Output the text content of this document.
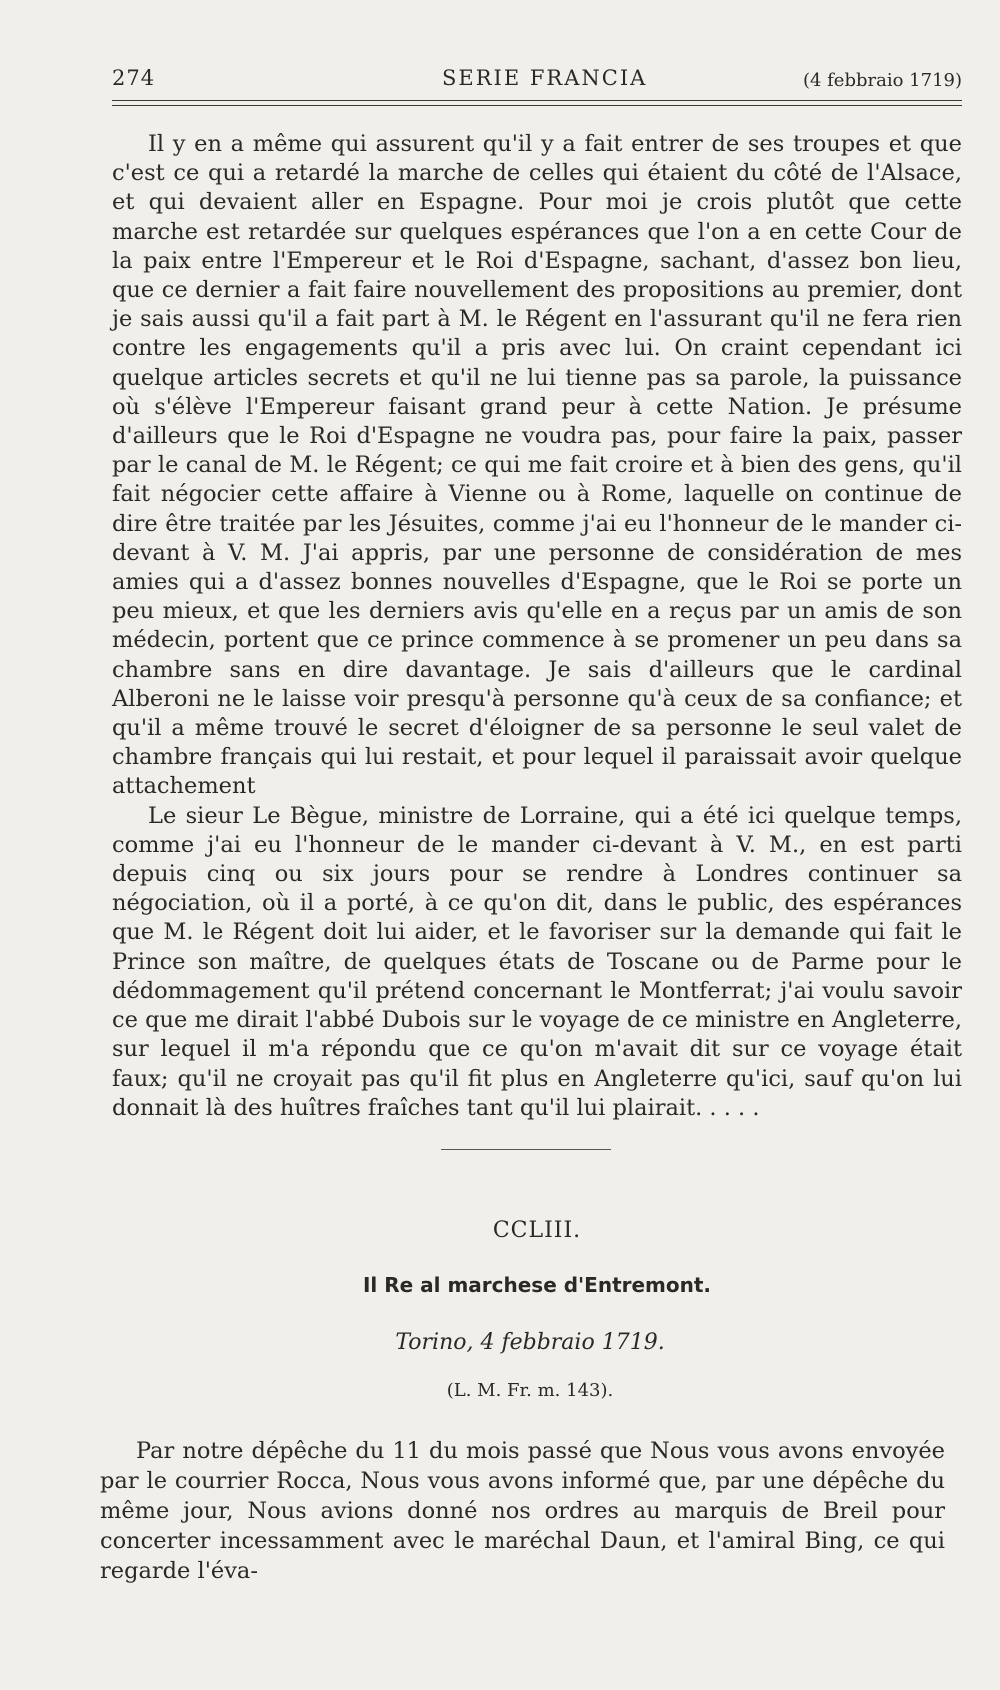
274	SERIE FRANCIA	(4 febbraio 1719)

Il y en a même qui assurent qu'il y a fait entrer de ses troupes et que c'est ce qui a retardé la marche de celles qui étaient du côté de l'Alsace, et qui devaient aller en Espagne. Pour moi je crois plutôt que cette marche est retardée sur quelques espérances que l'on a en cette Cour de la paix entre l'Empereur et le Roi d'Espagne, sachant, d'assez bon lieu, que ce dernier a fait faire nouvellement des propositions au premier, dont je sais aussi qu'il a fait part à M. le Régent en l'assurant qu'il ne fera rien contre les engagements qu'il a pris avec lui. On craint cependant ici quelque articles secrets et qu'il ne lui tienne pas sa parole, la puissance où s'élève l'Empereur faisant grand peur à cette Nation. Je présume d'ailleurs que le Roi d'Espagne ne voudra pas, pour faire la paix, passer par le canal de M. le Régent; ce qui me fait croire et à bien des gens, qu'il fait négocier cette affaire à Vienne ou à Rome, laquelle on continue de dire être traitée par les Jésuites, comme j'ai eu l'honneur de le mander ci-devant à V. M. J'ai appris, par une personne de considération de mes amies qui a d'assez bonnes nouvelles d'Espagne, que le Roi se porte un peu mieux, et que les derniers avis qu'elle en a reçus par un amis de son médecin, portent que ce prince commence à se promener un peu dans sa chambre sans en dire davantage. Je sais d'ailleurs que le cardinal Alberoni ne le laisse voir presqu'à personne qu'à ceux de sa confiance; et qu'il a même trouvé le secret d'éloigner de sa personne le seul valet de chambre français qui lui restait, et pour lequel il paraissait avoir quelque attachement

Le sieur Le Bègue, ministre de Lorraine, qui a été ici quelque temps, comme j'ai eu l'honneur de le mander ci-devant à V. M., en est parti depuis cinq ou six jours pour se rendre à Londres continuer sa négociation, où il a porté, à ce qu'on dit, dans le public, des espérances que M. le Régent doit lui aider, et le favoriser sur la demande qui fait le Prince son maître, de quelques états de Toscane ou de Parme pour le dédommagement qu'il prétend concernant le Montferrat; j'ai voulu savoir ce que me dirait l'abbé Dubois sur le voyage de ce ministre en Angleterre, sur lequel il m'a répondu que ce qu'on m'avait dit sur ce voyage était faux; qu'il ne croyait pas qu'il fit plus en Angleterre qu'ici, sauf qu'on lui donnait là des huîtres fraîches tant qu'il lui plairait. . . . .

CCLIII.
Il Re al marchese d'Entremont.
Torino, 4 febbraio 1719.
(L. M. Fr. m. 143).

Par notre dépêche du 11 du mois passé que Nous vous avons envoyée par le courrier Rocca, Nous vous avons informé que, par une dépêche du même jour, Nous avions donné nos ordres au marquis de Breil pour concerter incessamment avec le maréchal Daun, et l'amiral Bing, ce qui regarde l'éva-
